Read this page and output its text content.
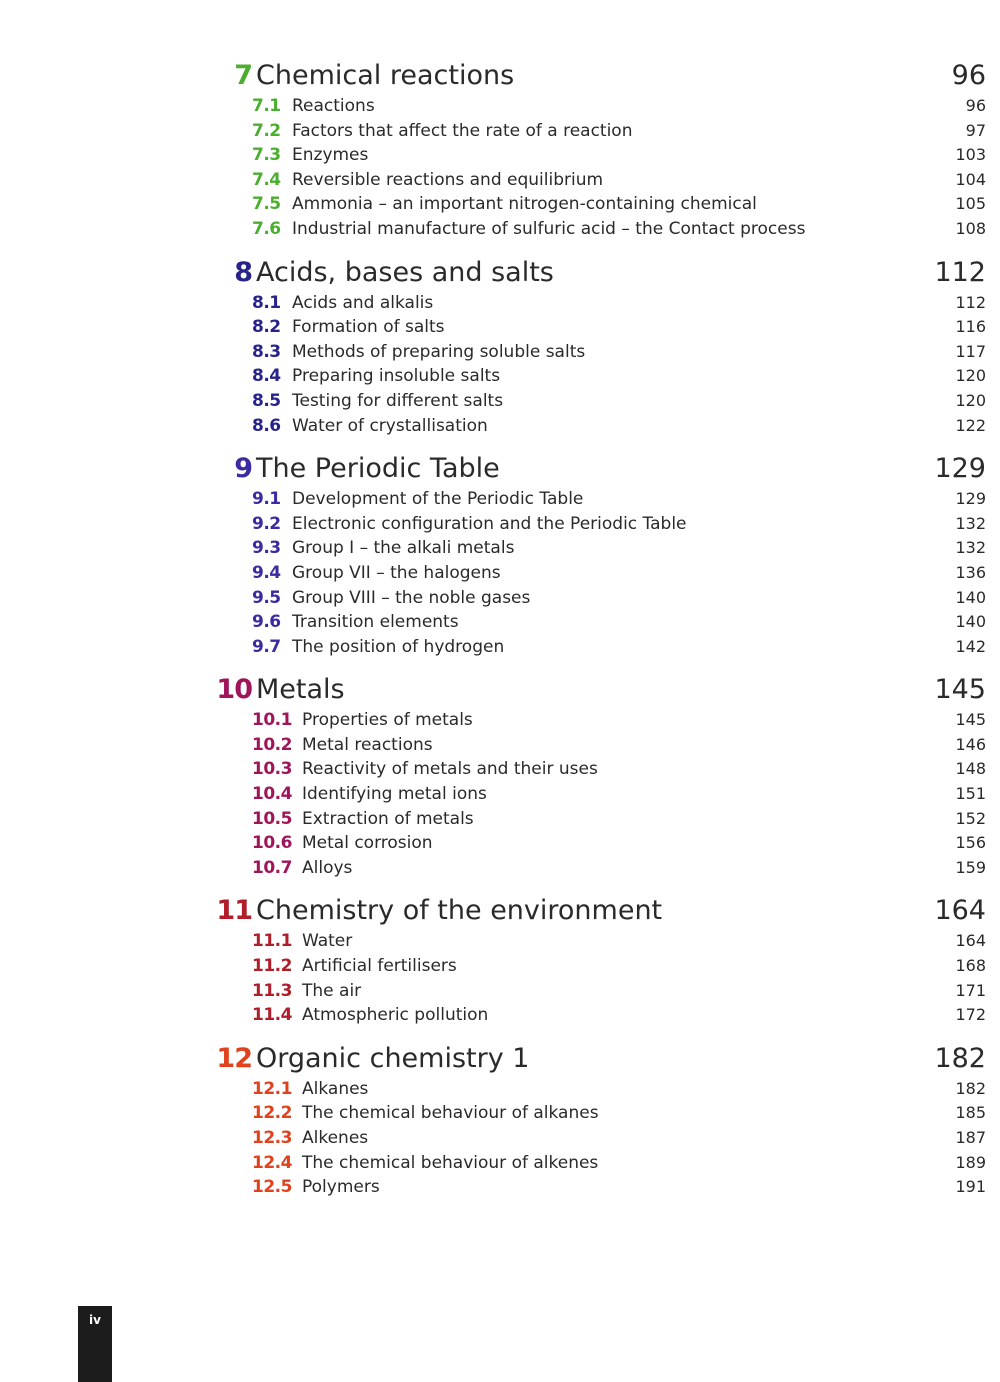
7 Chemical reactions	96
7.1 Reactions	96
7.2 Factors that affect the rate of a reaction	97
7.3 Enzymes	103
7.4 Reversible reactions and equilibrium	104
7.5 Ammonia – an important nitrogen-containing chemical	105
7.6 Industrial manufacture of sulfuric acid – the Contact process	108
8 Acids, bases and salts	112
8.1 Acids and alkalis	112
8.2 Formation of salts	116
8.3 Methods of preparing soluble salts	117
8.4 Preparing insoluble salts	120
8.5 Testing for different salts	120
8.6 Water of crystallisation	122
9 The Periodic Table	129
9.1 Development of the Periodic Table	129
9.2 Electronic configuration and the Periodic Table	132
9.3 Group I – the alkali metals	132
9.4 Group VII – the halogens	136
9.5 Group VIII – the noble gases	140
9.6 Transition elements	140
9.7 The position of hydrogen	142
10 Metals	145
10.1 Properties of metals	145
10.2 Metal reactions	146
10.3 Reactivity of metals and their uses	148
10.4 Identifying metal ions	151
10.5 Extraction of metals	152
10.6 Metal corrosion	156
10.7 Alloys	159
11 Chemistry of the environment	164
11.1 Water	164
11.2 Artificial fertilisers	168
11.3 The air	171
11.4 Atmospheric pollution	172
12 Organic chemistry 1	182
12.1 Alkanes	182
12.2 The chemical behaviour of alkanes	185
12.3 Alkenes	187
12.4 The chemical behaviour of alkenes	189
12.5 Polymers	191
iv
